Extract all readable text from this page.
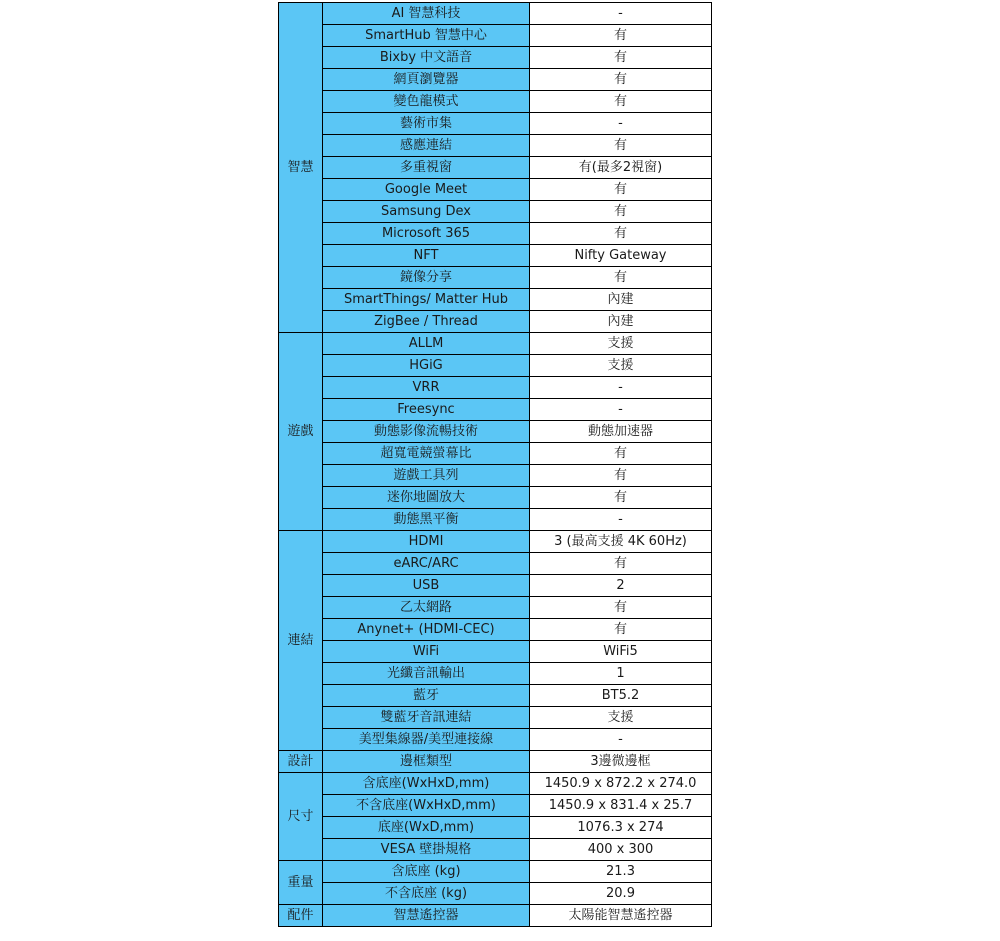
智慧	AI 智慧科技	-
	SmartHub 智慧中心	有
	Bixby 中文語音	有
	網頁瀏覽器	有
	變色龍模式	有
	藝術市集	-
	感應連結	有
	多重視窗	有(最多2視窗)
	Google Meet	有
	Samsung Dex	有
	Microsoft 365	有
	NFT	Nifty Gateway
	鏡像分享	有
	SmartThings/ Matter Hub	內建
	ZigBee / Thread	內建
遊戲	ALLM	支援
	HGiG	支援
	VRR	-
	Freesync	-
	動態影像流暢技術	動態加速器
	超寬電競螢幕比	有
	遊戲工具列	有
	迷你地圖放大	有
	動態黑平衡	-
連結	HDMI	3 (最高支援 4K 60Hz)
	eARC/ARC	有
	USB	2
	乙太網路	有
	Anynet+ (HDMI-CEC)	有
	WiFi	WiFi5
	光纖音訊輸出	1
	藍牙	BT5.2
	雙藍牙音訊連結	支援
	美型集線器/美型連接線	-
設計	邊框類型	3邊微邊框
尺寸	含底座(WxHxD,mm)	1450.9 x 872.2 x 274.0
	不含底座(WxHxD,mm)	1450.9 x 831.4 x 25.7
	底座(WxD,mm)	1076.3 x 274
	VESA 壁掛規格	400 x 300
重量	含底座 (kg)	21.3
	不含底座 (kg)	20.9
配件	智慧遙控器	太陽能智慧遙控器
